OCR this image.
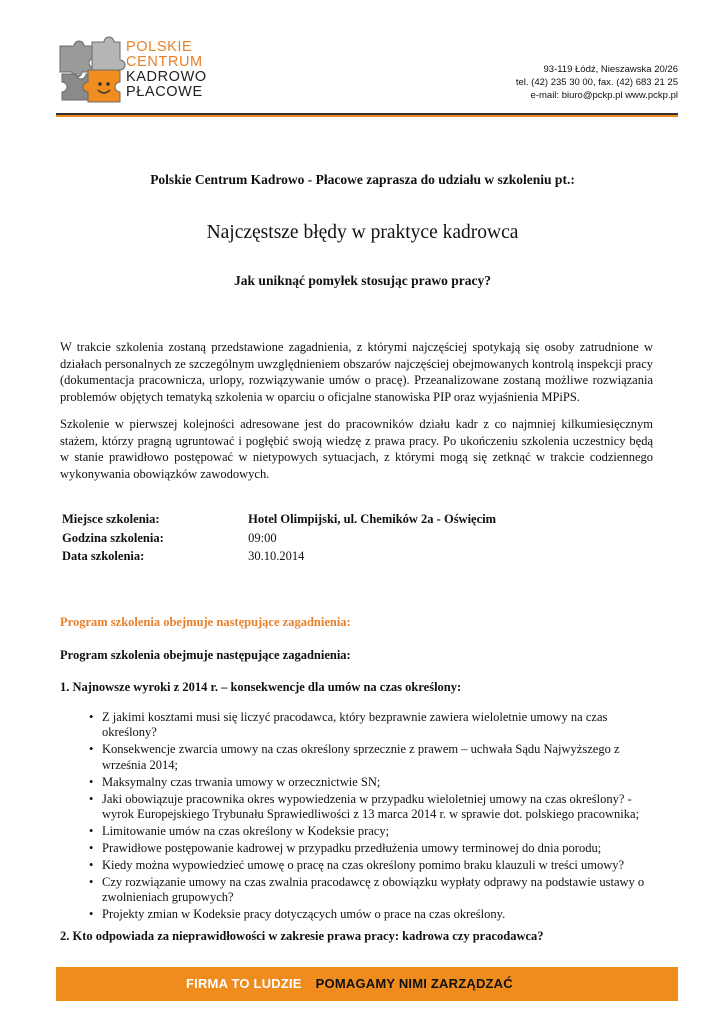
POLSKIE
CENTRUM
KADROWO
PŁACOWE
93-119 Łódź, Nieszawska 20/26
tel. (42) 235 30 00, fax. (42) 683 21 25
e-mail: biuro@pckp.pl www.pckp.pl
Polskie Centrum Kadrowo - Płacowe zaprasza do udziału w szkoleniu pt.:
Najczęstsze błędy w praktyce kadrowca
Jak uniknąć pomyłek stosując prawo pracy?
W trakcie szkolenia zostaną przedstawione zagadnienia, z którymi najczęściej spotykają się osoby zatrudnione w działach personalnych ze szczególnym uwzględnieniem obszarów najczęściej obejmowanych kontrolą inspekcji pracy (dokumentacja pracownicza, urlopy, rozwiązywanie umów o pracę). Przeanalizowane zostaną możliwe rozwiązania problemów objętych tematyką szkolenia w oparciu o oficjalne stanowiska PIP oraz wyjaśnienia MPiPS.
Szkolenie w pierwszej kolejności adresowane jest do pracowników działu kadr z co najmniej kilkumiesięcznym stażem, którzy pragną ugruntować i pogłębić swoją wiedzę z prawa pracy. Po ukończeniu szkolenia uczestnicy będą w stanie prawidłowo postępować w nietypowych sytuacjach, z którymi mogą się zetknąć w trakcie codziennego wykonywania obowiązków zawodowych.
Miejsce szkolenia:	Hotel Olimpijski, ul. Chemików 2a - Oświęcim
Godzina szkolenia:	09:00
Data szkolenia:	30.10.2014
Program szkolenia obejmuje następujące zagadnienia:
Program szkolenia obejmuje następujące zagadnienia:
1. Najnowsze wyroki z 2014 r. – konsekwencje dla umów na czas określony:
• Z jakimi kosztami musi się liczyć pracodawca, który bezprawnie zawiera wieloletnie umowy na czas określony?
• Konsekwencje zwarcia umowy na czas określony sprzecznie z prawem – uchwała Sądu Najwyższego z września 2014;
• Maksymalny czas trwania umowy w orzecznictwie SN;
• Jaki obowiązuje pracownika okres wypowiedzenia w przypadku wieloletniej umowy na czas określony? - wyrok Europejskiego Trybunału Sprawiedliwości z 13 marca 2014 r. w sprawie dot. polskiego pracownika;
• Limitowanie umów na czas określony w Kodeksie pracy;
• Prawidłowe postępowanie kadrowej w przypadku przedłużenia umowy terminowej do dnia porodu;
• Kiedy można wypowiedzieć umowę o pracę na czas określony pomimo braku klauzuli w treści umowy?
• Czy rozwiązanie umowy na czas zwalnia pracodawcę z obowiązku wypłaty odprawy na podstawie ustawy o zwolnieniach grupowych?
• Projekty zmian w Kodeksie pracy dotyczących umów o prace na czas określony.
2. Kto odpowiada za nieprawidłowości w zakresie prawa pracy: kadrowa czy pracodawca?
FIRMA TO LUDZIE POMAGAMY NIMI ZARZĄDZAĆ
